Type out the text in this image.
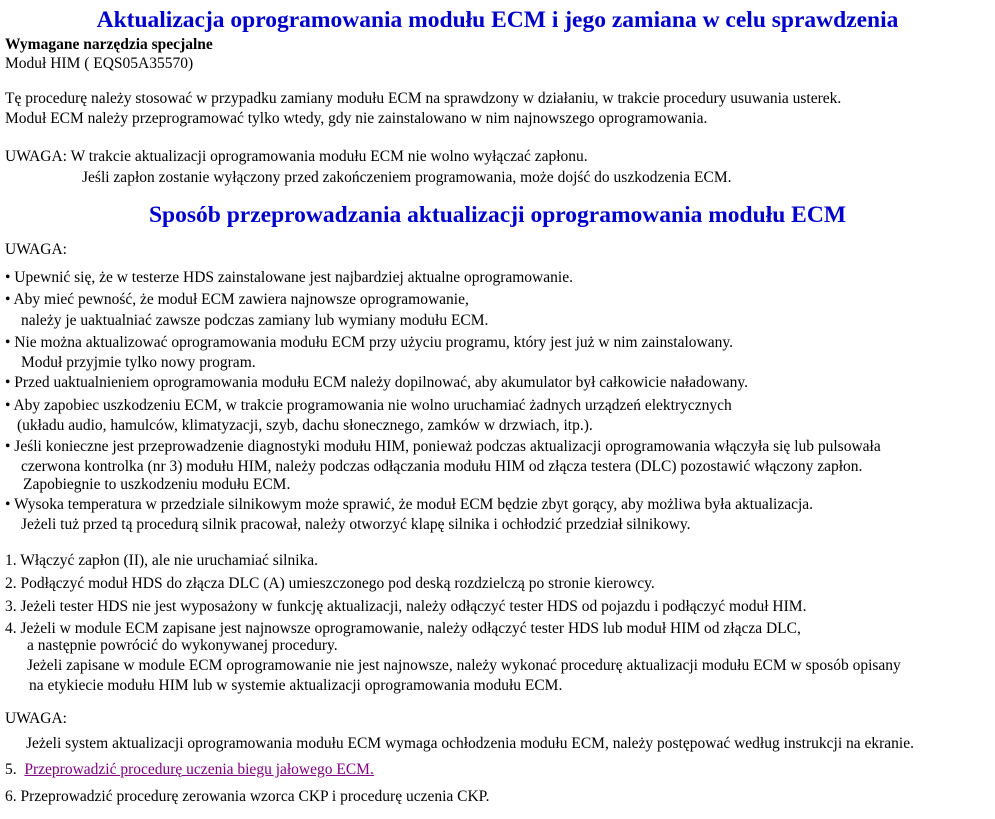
Aktualizacja oprogramowania modułu ECM i jego zamiana w celu sprawdzenia
Wymagane narzędzia specjalne
Moduł HIM ( EQS05A35570)
Tę procedurę należy stosować w przypadku zamiany modułu ECM na sprawdzony w działaniu, w trakcie procedury usuwania usterek.
Moduł ECM należy przeprogramować tylko wtedy, gdy nie zainstalowano w nim najnowszego oprogramowania.
UWAGA: W trakcie aktualizacji oprogramowania modułu ECM nie wolno wyłączać zapłonu.
Jeśli zapłon zostanie wyłączony przed zakończeniem programowania, może dojść do uszkodzenia ECM.
Sposób przeprowadzania aktualizacji oprogramowania modułu ECM
UWAGA:
• Upewnić się, że w testerze HDS zainstalowane jest najbardziej aktualne oprogramowanie.
• Aby mieć pewność, że moduł ECM zawiera najnowsze oprogramowanie,
należy je uaktualniać zawsze podczas zamiany lub wymiany modułu ECM.
• Nie można aktualizować oprogramowania modułu ECM przy użyciu programu, który jest już w nim zainstalowany.
Moduł przyjmie tylko nowy program.
• Przed uaktualnieniem oprogramowania modułu ECM należy dopilnować, aby akumulator był całkowicie naładowany.
• Aby zapobiec uszkodzeniu ECM, w trakcie programowania nie wolno uruchamiać żadnych urządzeń elektrycznych
(układu audio, hamulców, klimatyzacji, szyb, dachu słonecznego, zamków w drzwiach, itp.).
• Jeśli konieczne jest przeprowadzenie diagnostyki modułu HIM, ponieważ podczas aktualizacji oprogramowania włączyła się lub pulsowała
czerwona kontrolka (nr 3) modułu HIM, należy podczas odłączania modułu HIM od złącza testera (DLC) pozostawić włączony zapłon.
Zapobiegnie to uszkodzeniu modułu ECM.
• Wysoka temperatura w przedziale silnikowym może sprawić, że moduł ECM będzie zbyt gorący, aby możliwa była aktualizacja.
Jeżeli tuż przed tą procedurą silnik pracował, należy otworzyć klapę silnika i ochłodzić przedział silnikowy.
1. Włączyć zapłon (II), ale nie uruchamiać silnika.
2. Podłączyć moduł HDS do złącza DLC (A) umieszczonego pod deską rozdzielczą po stronie kierowcy.
3. Jeżeli tester HDS nie jest wyposażony w funkcję aktualizacji, należy odłączyć tester HDS od pojazdu i podłączyć moduł HIM.
4. Jeżeli w module ECM zapisane jest najnowsze oprogramowanie, należy odłączyć tester HDS lub moduł HIM od złącza DLC,
a następnie powrócić do wykonywanej procedury.
Jeżeli zapisane w module ECM oprogramowanie nie jest najnowsze, należy wykonać procedurę aktualizacji modułu ECM w sposób opisany
na etykiecie modułu HIM lub w systemie aktualizacji oprogramowania modułu ECM.
UWAGA:
Jeżeli system aktualizacji oprogramowania modułu ECM wymaga ochłodzenia modułu ECM, należy postępować według instrukcji na ekranie.
5. Przeprowadzić procedurę uczenia biegu jałowego ECM.
6. Przeprowadzić procedurę zerowania wzorca CKP i procedurę uczenia CKP.
